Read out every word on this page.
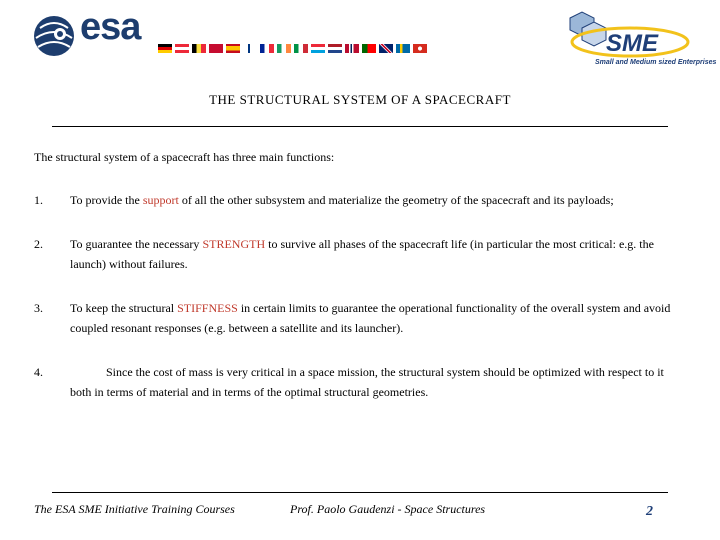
esa	SME
Small and Medium sized Enterprises
THE STRUCTURAL SYSTEM OF A SPACECRAFT
The structural system of a spacecraft has three main functions:
1. To provide the support of all the other subsystem and materialize the geometry of the spacecraft and its payloads;
2. To guarantee the necessary STRENGTH to survive all phases of the spacecraft life (in particular the most critical: e.g. the launch) without failures.
3. To keep the structural STIFFNESS in certain limits to guarantee the operational functionality of the overall system and avoid coupled resonant responses (e.g. between a satellite and its launcher).
4.	Since the cost of mass is very critical in a space mission, the structural system should be optimized with respect to it both in terms of material and in terms of the optimal structural geometries.
The ESA SME Initiative Training Courses	Prof. Paolo Gaudenzi - Space Structures	2
